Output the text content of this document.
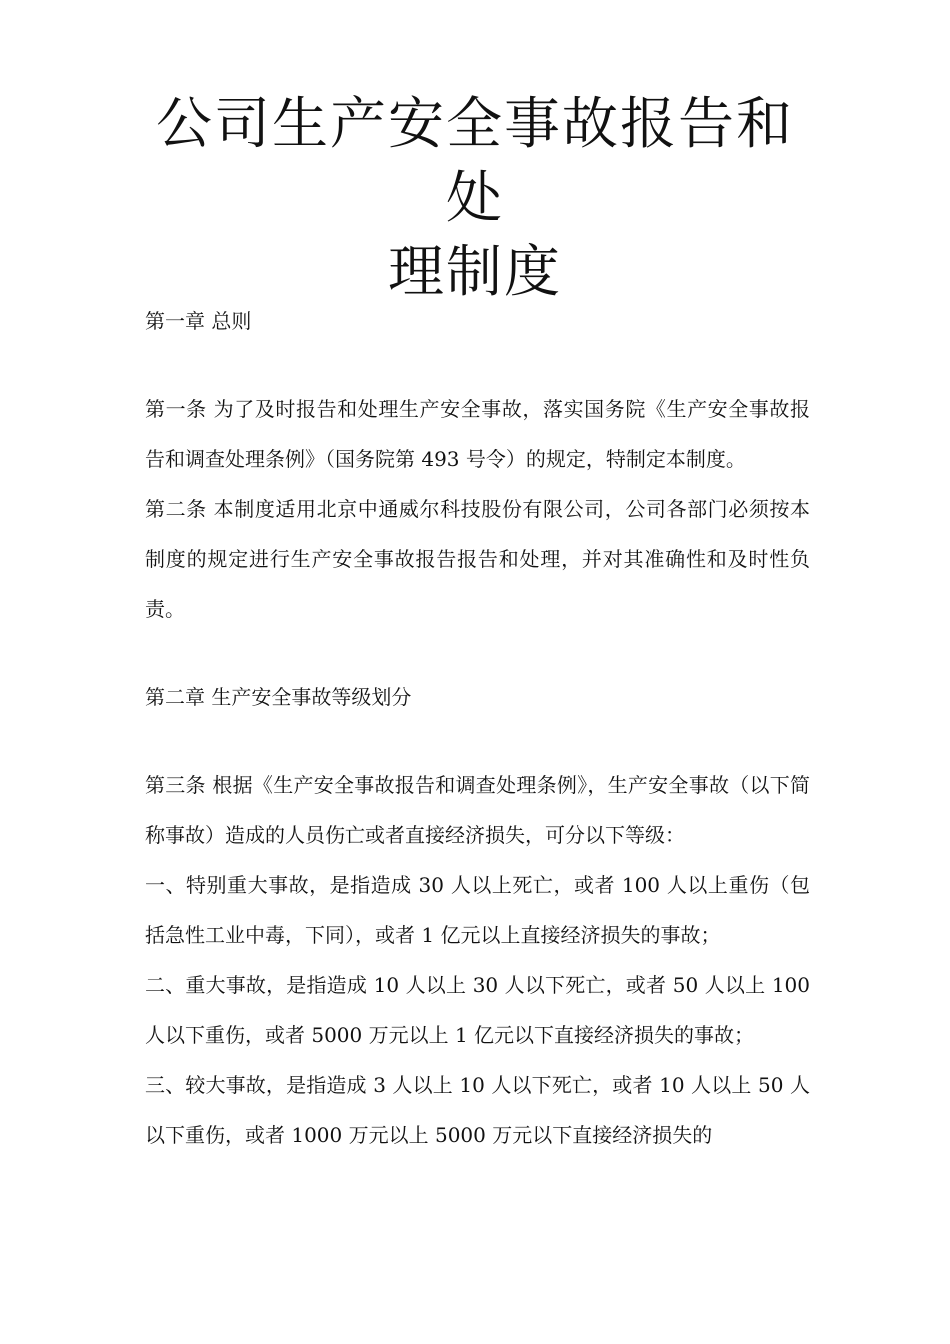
公司生产安全事故报告和处
理制度
第一章 总则

第一条 为了及时报告和处理生产安全事故，落实国务院《生产安全事故报告和调查处理条例》（国务院第 493 号令）的规定，特制定本制度。

第二条 本制度适用北京中通威尔科技股份有限公司，公司各部门必须按本制度的规定进行生产安全事故报告报告和处理，并对其准确性和及时性负责。

第二章 生产安全事故等级划分

第三条 根据《生产安全事故报告和调查处理条例》，生产安全事故（以下简称事故）造成的人员伤亡或者直接经济损失，可分以下等级：

一、特别重大事故，是指造成 30 人以上死亡，或者 100 人以上重伤（包括急性工业中毒，下同），或者 1 亿元以上直接经济损失的事故；

二、重大事故，是指造成 10 人以上 30 人以下死亡，或者 50 人以上 100 人以下重伤，或者 5000 万元以上 1 亿元以下直接经济损失的事故；

三、较大事故，是指造成 3 人以上 10 人以下死亡，或者 10 人以上 50 人以下重伤，或者 1000 万元以上 5000 万元以下直接经济损失的
